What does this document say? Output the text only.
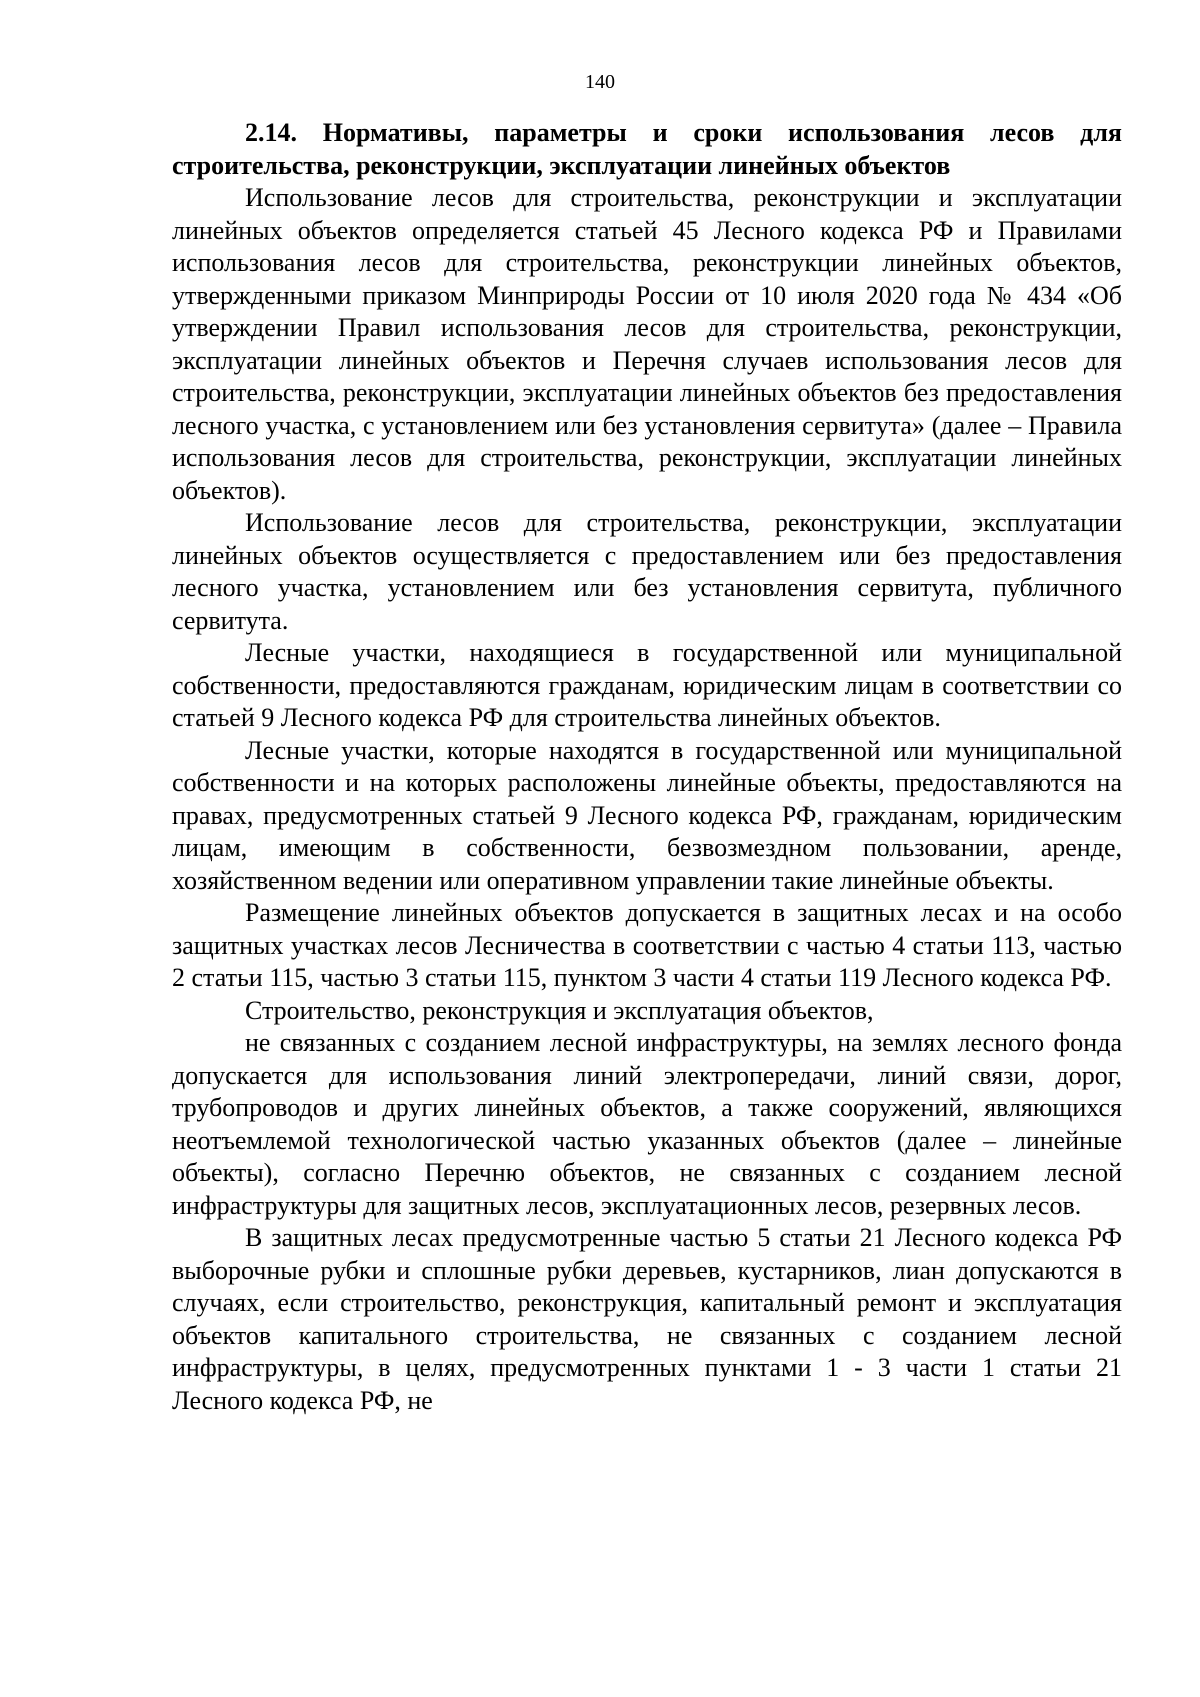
140

2.14. Нормативы, параметры и сроки использования лесов для строительства, реконструкции, эксплуатации линейных объектов

Использование лесов для строительства, реконструкции и эксплуатации линейных объектов определяется статьей 45 Лесного кодекса РФ и Правилами использования лесов для строительства, реконструкции линейных объектов, утвержденными приказом Минприроды России от 10 июля 2020 года № 434 «Об утверждении Правил использования лесов для строительства, реконструкции, эксплуатации линейных объектов и Перечня случаев использования лесов для строительства, реконструкции, эксплуатации линейных объектов без предоставления лесного участка, с установлением или без установления сервитута» (далее – Правила использования лесов для строительства, реконструкции, эксплуатации линейных объектов).

Использование лесов для строительства, реконструкции, эксплуатации линейных объектов осуществляется с предоставлением или без предоставления лесного участка, установлением или без установления сервитута, публичного сервитута.

Лесные участки, находящиеся в государственной или муниципальной собственности, предоставляются гражданам, юридическим лицам в соответствии со статьей 9 Лесного кодекса РФ для строительства линейных объектов.

Лесные участки, которые находятся в государственной или муниципальной собственности и на которых расположены линейные объекты, предоставляются на правах, предусмотренных статьей 9 Лесного кодекса РФ, гражданам, юридическим лицам, имеющим в собственности, безвозмездном пользовании, аренде, хозяйственном ведении или оперативном управлении такие линейные объекты.

Размещение линейных объектов допускается в защитных лесах и на особо защитных участках лесов Лесничества в соответствии с частью 4 статьи 113, частью 2 статьи 115, частью 3 статьи 115, пунктом 3 части 4 статьи 119 Лесного кодекса РФ.

Строительство, реконструкция и эксплуатация объектов,

не связанных с созданием лесной инфраструктуры, на землях лесного фонда допускается для использования линий электропередачи, линий связи, дорог, трубопроводов и других линейных объектов, а также сооружений, являющихся неотъемлемой технологической частью указанных объектов (далее – линейные объекты), согласно Перечню объектов, не связанных с созданием лесной инфраструктуры для защитных лесов, эксплуатационных лесов, резервных лесов.

В защитных лесах предусмотренные частью 5 статьи 21 Лесного кодекса РФ выборочные рубки и сплошные рубки деревьев, кустарников, лиан допускаются в случаях, если строительство, реконструкция, капитальный ремонт и эксплуатация объектов капитального строительства, не связанных с созданием лесной инфраструктуры, в целях, предусмотренных пунктами 1 - 3 части 1 статьи 21 Лесного кодекса РФ, не
